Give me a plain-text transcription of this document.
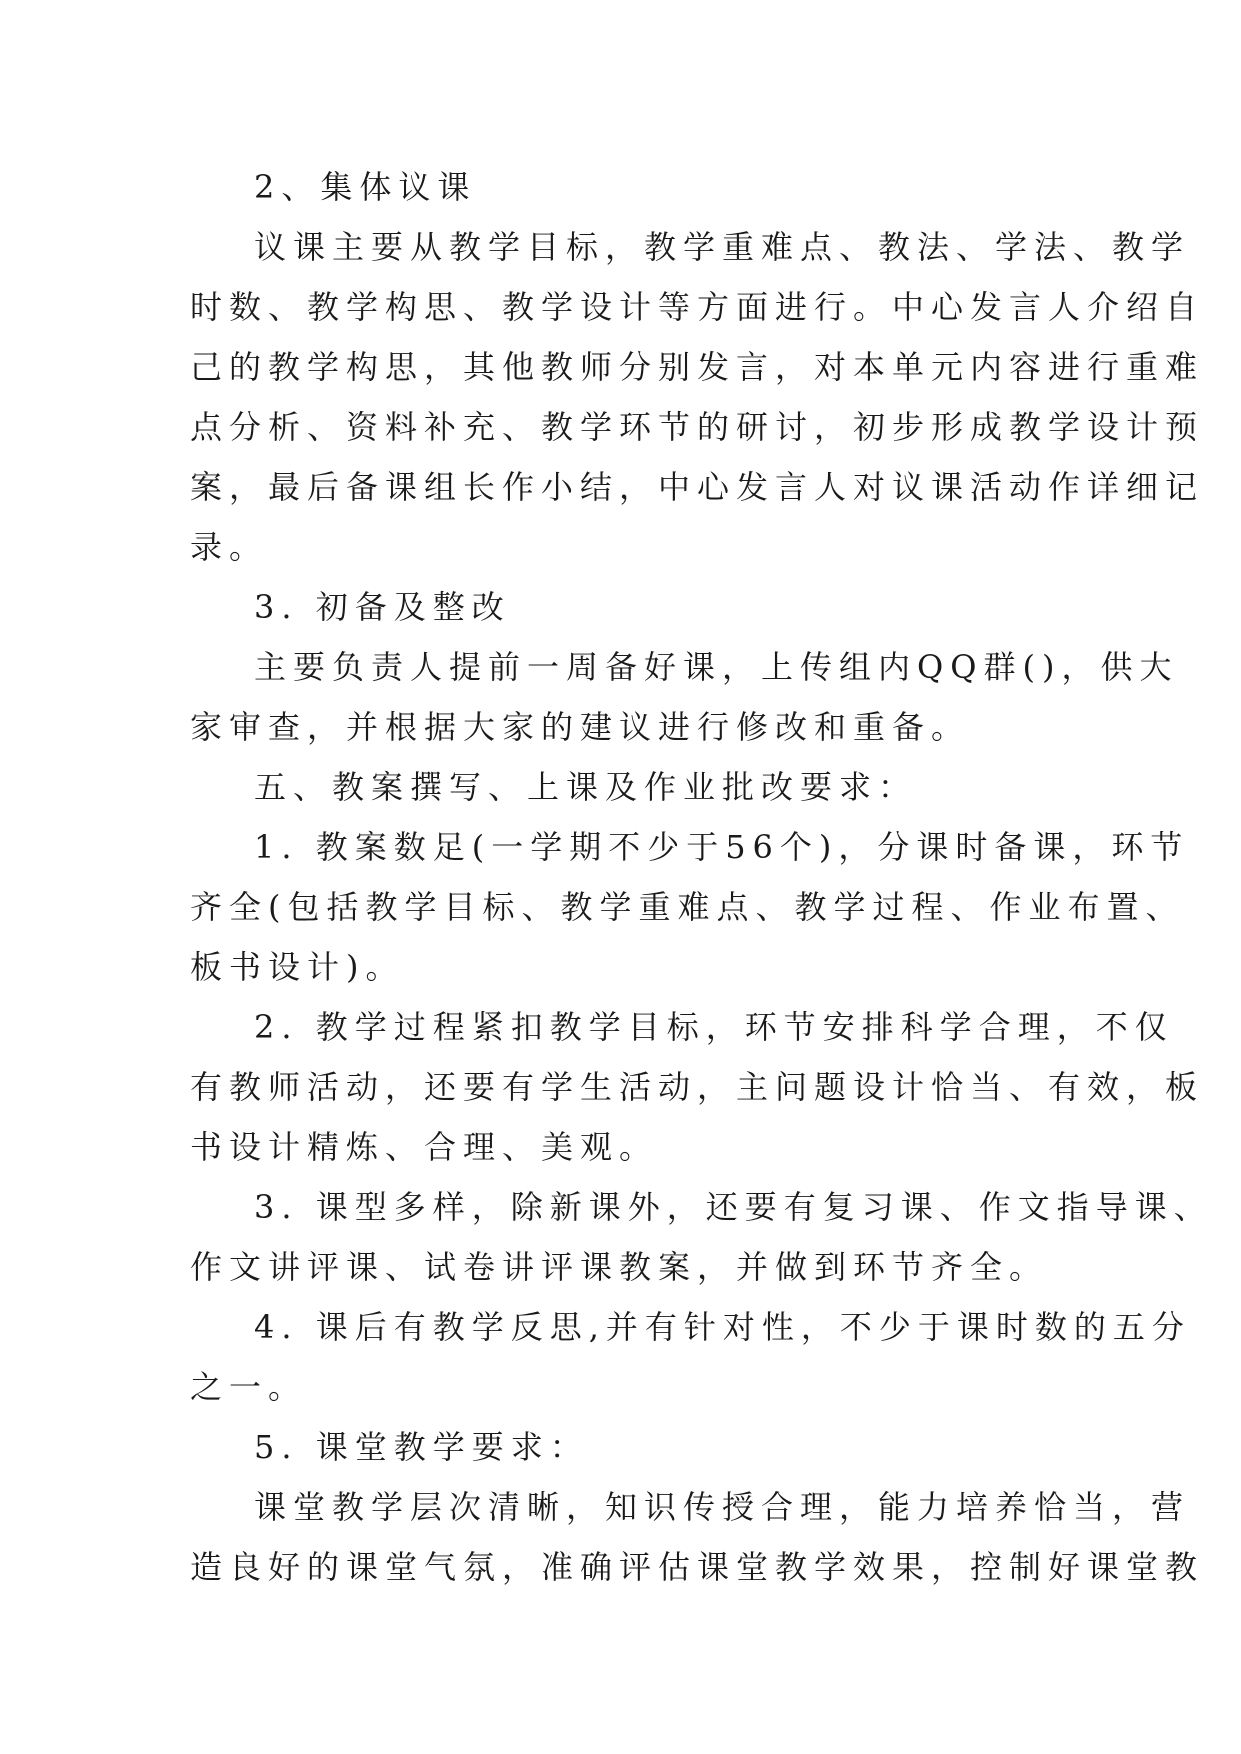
2、集体议课
议课主要从教学目标，教学重难点、教法、学法、教学
时数、教学构思、教学设计等方面进行。中心发言人介绍自
己的教学构思，其他教师分别发言，对本单元内容进行重难
点分析、资料补充、教学环节的研讨，初步形成教学设计预
案，最后备课组长作小结，中心发言人对议课活动作详细记
录。
3. 初备及整改
主要负责人提前一周备好课，上传组内QQ群()，供大
家审查，并根据大家的建议进行修改和重备。
五、教案撰写、上课及作业批改要求：
1. 教案数足(一学期不少于56个)，分课时备课，环节
齐全(包括教学目标、教学重难点、教学过程、作业布置、
板书设计)。
2. 教学过程紧扣教学目标，环节安排科学合理，不仅
有教师活动，还要有学生活动，主问题设计恰当、有效，板
书设计精炼、合理、美观。
3. 课型多样，除新课外，还要有复习课、作文指导课、
作文讲评课、试卷讲评课教案，并做到环节齐全。
4. 课后有教学反思,并有针对性，不少于课时数的五分
之一。
5. 课堂教学要求：
课堂教学层次清晰，知识传授合理，能力培养恰当，营
造良好的课堂气氛，准确评估课堂教学效果，控制好课堂教
